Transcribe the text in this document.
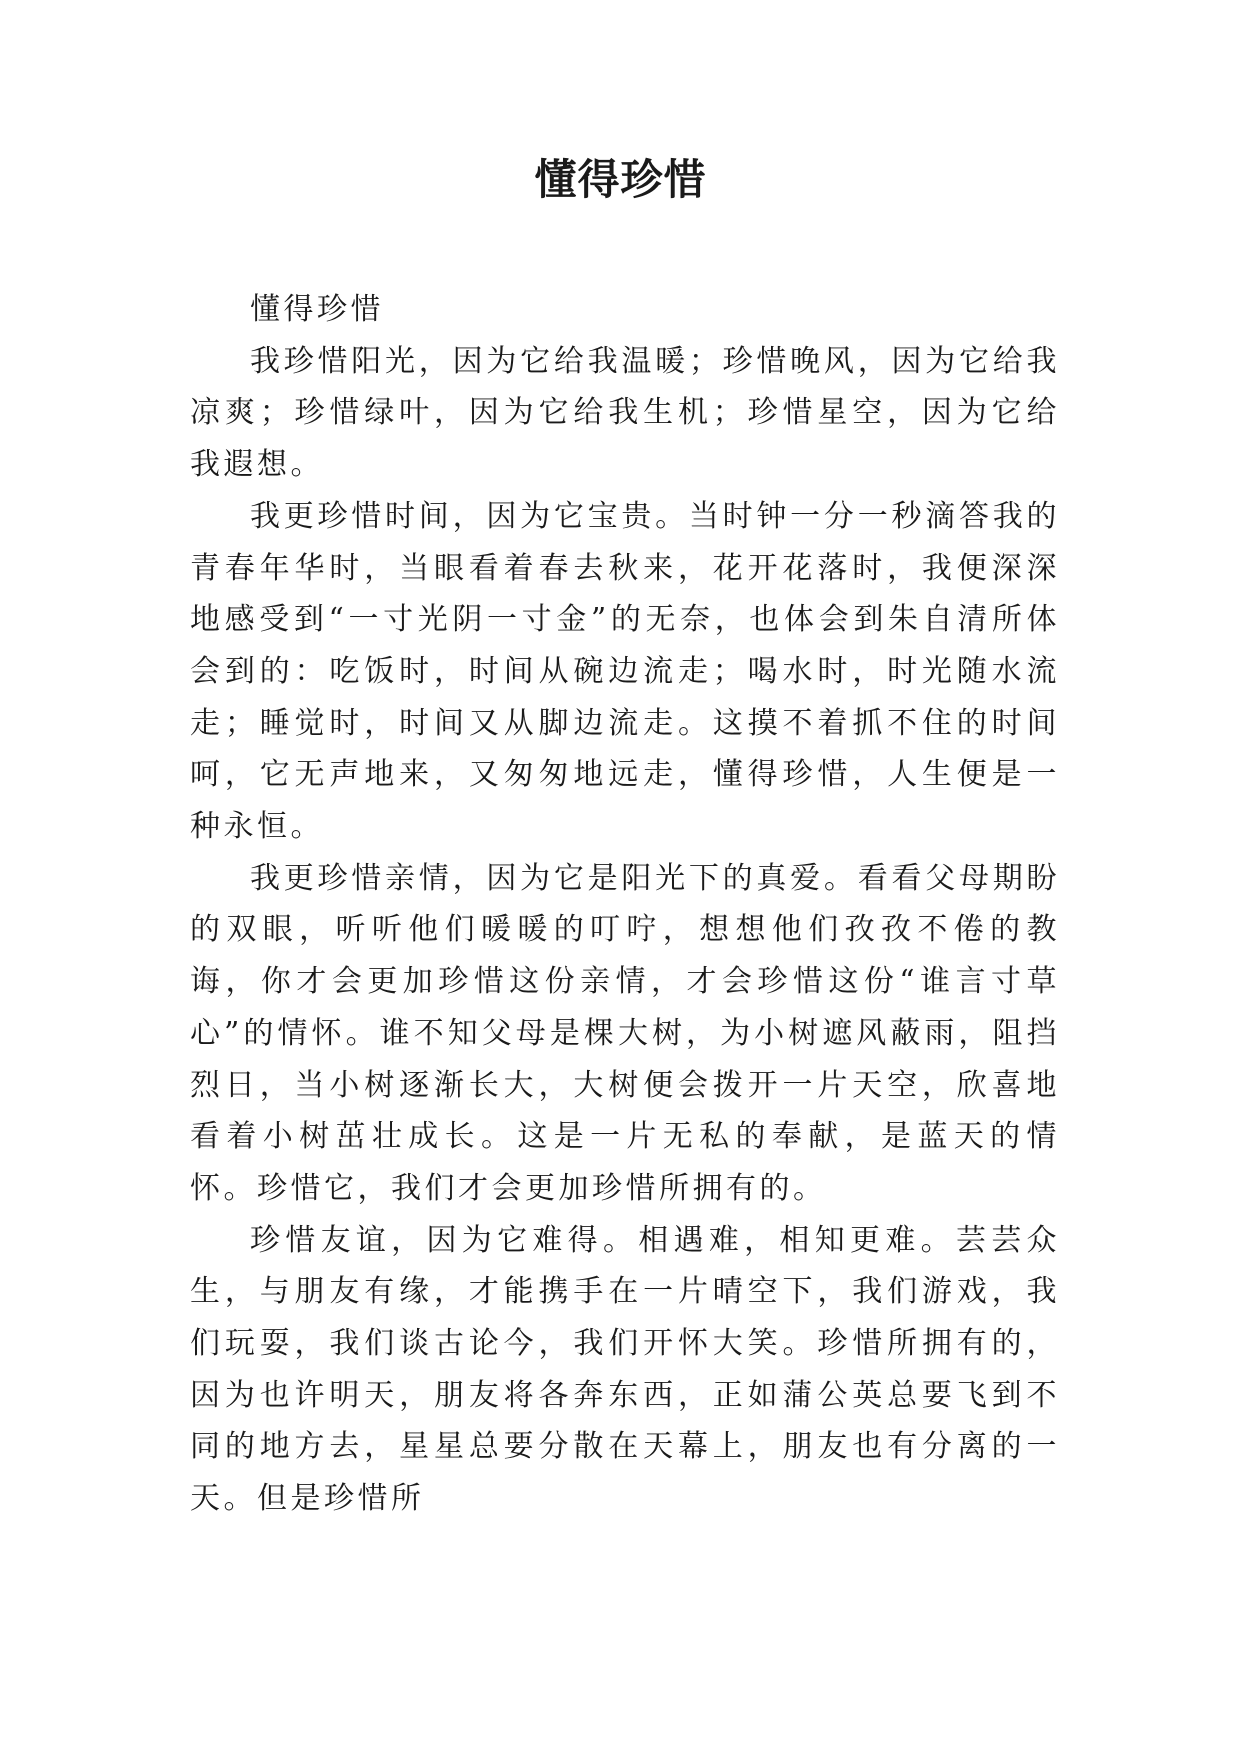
懂得珍惜

懂得珍惜

我珍惜阳光，因为它给我温暖；珍惜晚风，因为它给我凉爽；珍惜绿叶，因为它给我生机；珍惜星空，因为它给我遐想。

我更珍惜时间，因为它宝贵。当时钟一分一秒滴答我的青春年华时，当眼看着春去秋来，花开花落时，我便深深地感受到“一寸光阴一寸金”的无奈，也体会到朱自清所体会到的：吃饭时，时间从碗边流走；喝水时，时光随水流走；睡觉时，时间又从脚边流走。这摸不着抓不住的时间呵，它无声地来，又匆匆地远走，懂得珍惜，人生便是一种永恒。

我更珍惜亲情，因为它是阳光下的真爱。看看父母期盼的双眼，听听他们暖暖的叮咛，想想他们孜孜不倦的教诲，你才会更加珍惜这份亲情，才会珍惜这份“谁言寸草心”的情怀。谁不知父母是棵大树，为小树遮风蔽雨，阻挡烈日，当小树逐渐长大，大树便会拨开一片天空，欣喜地看着小树茁壮成长。这是一片无私的奉献，是蓝天的情怀。珍惜它，我们才会更加珍惜所拥有的。

珍惜友谊，因为它难得。相遇难，相知更难。芸芸众生，与朋友有缘，才能携手在一片晴空下，我们游戏，我们玩耍，我们谈古论今，我们开怀大笑。珍惜所拥有的，因为也许明天，朋友将各奔东西，正如蒲公英总要飞到不同的地方去，星星总要分散在天幕上，朋友也有分离的一天。但是珍惜所
